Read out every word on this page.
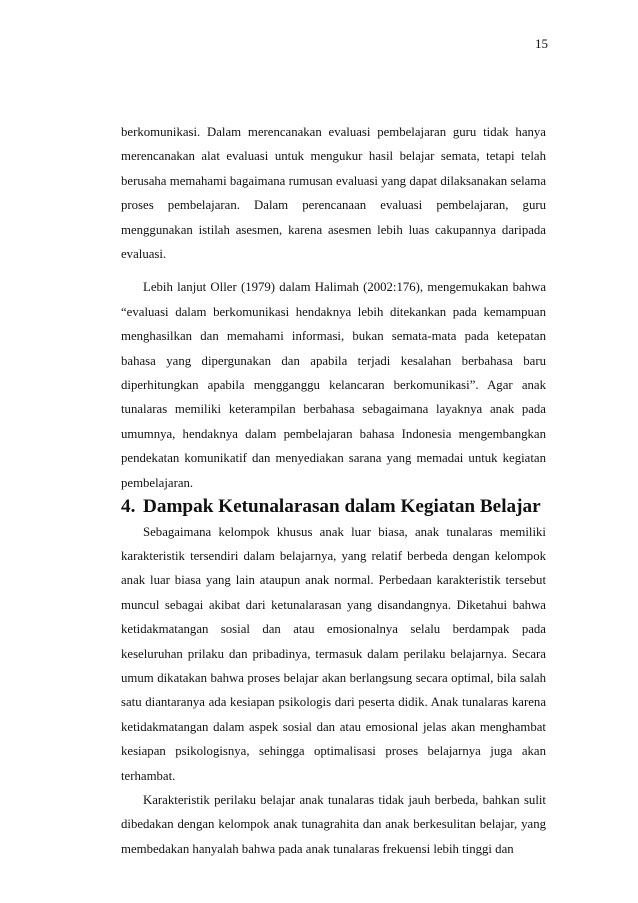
15

berkomunikasi. Dalam merencanakan evaluasi pembelajaran guru tidak hanya merencanakan alat evaluasi untuk mengukur hasil belajar semata, tetapi telah berusaha memahami bagaimana rumusan evaluasi yang dapat dilaksanakan selama proses pembelajaran. Dalam perencanaan evaluasi pembelajaran, guru menggunakan istilah asesmen, karena asesmen lebih luas cakupannya daripada evaluasi.

Lebih lanjut Oller (1979) dalam Halimah (2002:176), mengemukakan bahwa “evaluasi dalam berkomunikasi hendaknya lebih ditekankan pada kemampuan menghasilkan dan memahami informasi, bukan semata-mata pada ketepatan bahasa yang dipergunakan dan apabila terjadi kesalahan berbahasa baru diperhitungkan apabila mengganggu kelancaran berkomunikasi”. Agar anak tunalaras memiliki keterampilan berbahasa sebagaimana layaknya anak pada umumnya, hendaknya dalam pembelajaran bahasa Indonesia mengembangkan pendekatan komunikatif dan menyediakan sarana yang memadai untuk kegiatan pembelajaran.

4. Dampak Ketunalarasan dalam Kegiatan Belajar

Sebagaimana kelompok khusus anak luar biasa, anak tunalaras memiliki karakteristik tersendiri dalam belajarnya, yang relatif berbeda dengan kelompok anak luar biasa yang lain ataupun anak normal. Perbedaan karakteristik tersebut muncul sebagai akibat dari ketunalarasan yang disandangnya. Diketahui bahwa ketidakmatangan sosial dan atau emosionalnya selalu berdampak pada keseluruhan prilaku dan pribadinya, termasuk dalam perilaku belajarnya. Secara umum dikatakan bahwa proses belajar akan berlangsung secara optimal, bila salah satu diantaranya ada kesiapan psikologis dari peserta didik. Anak tunalaras karena ketidakmatangan dalam aspek sosial dan atau emosional jelas akan menghambat kesiapan psikologisnya, sehingga optimalisasi proses belajarnya juga akan terhambat.

Karakteristik perilaku belajar anak tunalaras tidak jauh berbeda, bahkan sulit dibedakan dengan kelompok anak tunagrahita dan anak berkesulitan belajar, yang membedakan hanyalah bahwa pada anak tunalaras frekuensi lebih tinggi dan
